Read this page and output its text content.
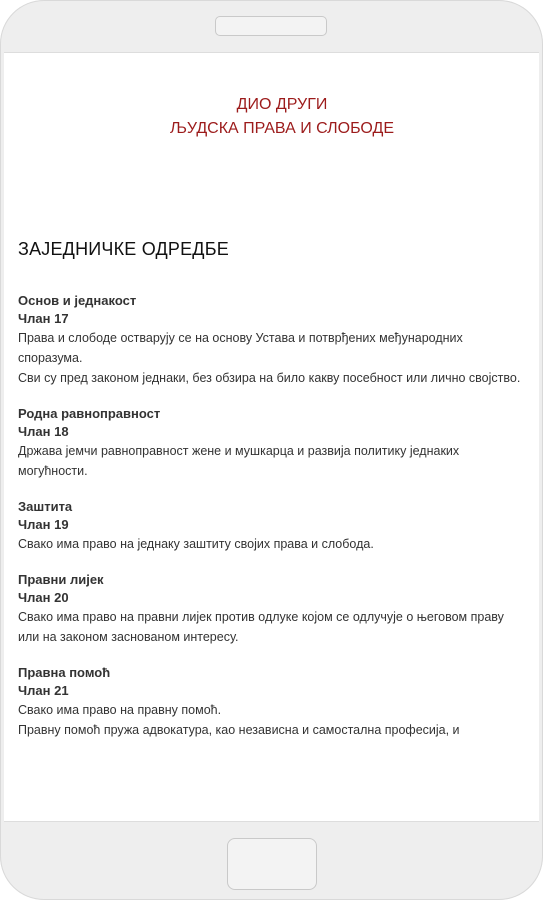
ДИО ДРУГИ
ЉУДСКА ПРАВА И СЛОБОДЕ
ЗАЈЕДНИЧКЕ ОДРЕДБЕ
Основ и једнакост
Члан 17

Права и слободе остварују се на основу Устава и потврђених међународних споразума.

Сви су пред законом једнаки, без обзира на било какву посебност или лично својство.

Родна равноправност
Члан 18

Држава јемчи равноправност жене и мушкарца и развија политику једнаких могућности.

Заштита
Члан 19

Свако има право на једнаку заштиту својих права и слобода.

Правни лијек
Члан 20

Свако има право на правни лијек против одлуке којом се одлучује о његовом праву или на законом заснованом интересу.

Правна помоћ
Члан 21

Свако има право на правну помоћ.

Правну помоћ пружа адвокатура, као независна и самостална професија, и
